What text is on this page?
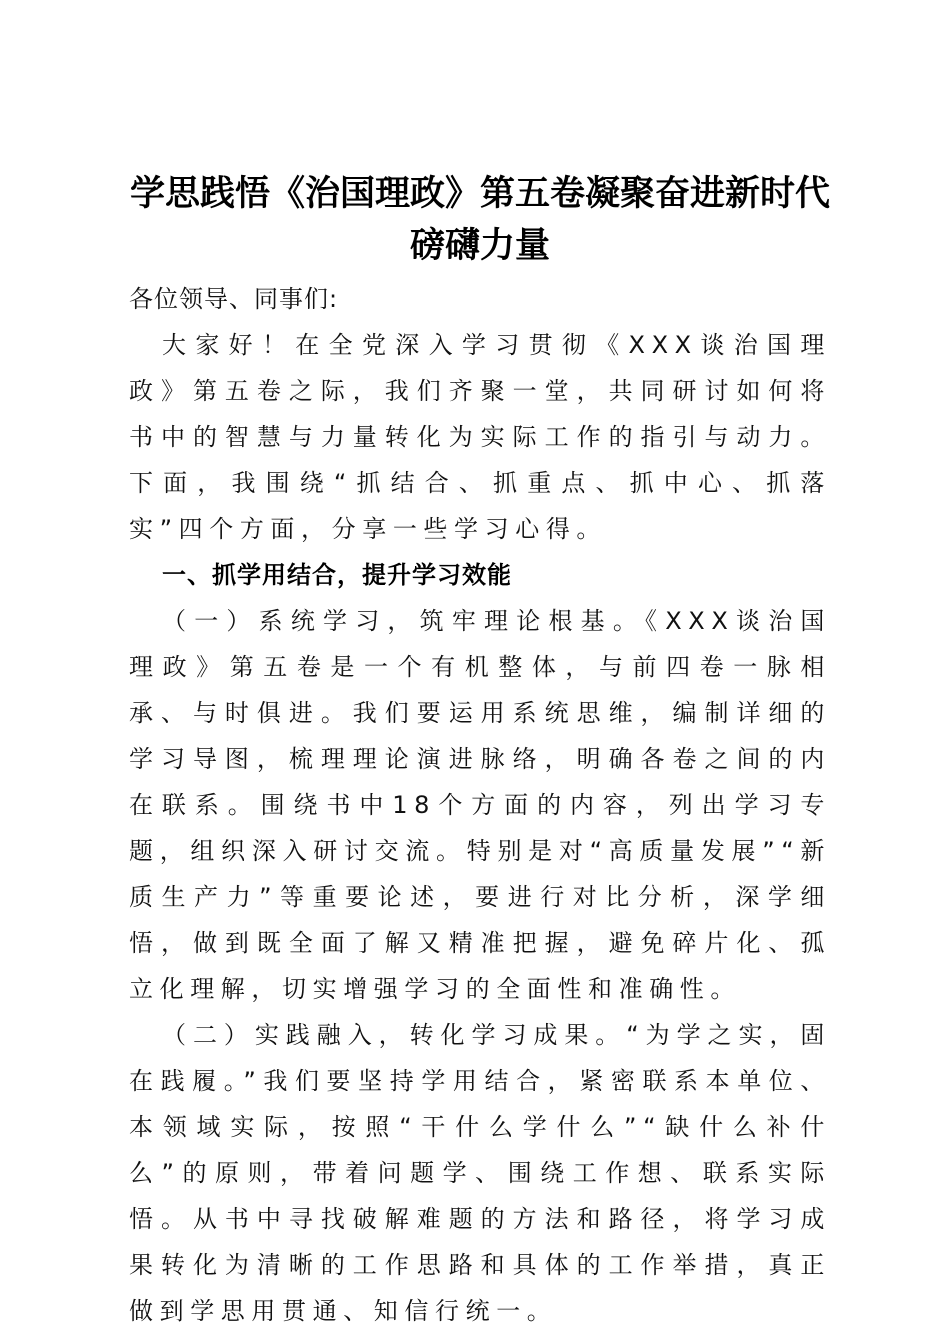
学思践悟《治国理政》第五卷凝聚奋进新时代
磅礴力量

各位领导、同事们:

大家好！在全党深入学习贯彻《XXX谈治国理政》第五卷之际，我们齐聚一堂，共同研讨如何将书中的智慧与力量转化为实际工作的指引与动力。下面，我围绕“抓结合、抓重点、抓中心、抓落实”四个方面，分享一些学习心得。

一、抓学用结合，提升学习效能

（一）系统学习，筑牢理论根基。《XXX谈治国理政》第五卷是一个有机整体，与前四卷一脉相承、与时俱进。我们要运用系统思维，编制详细的学习导图，梳理理论演进脉络，明确各卷之间的内在联系。围绕书中18个方面的内容，列出学习专题，组织深入研讨交流。特别是对“高质量发展”“新质生产力”等重要论述，要进行对比分析，深学细悟，做到既全面了解又精准把握，避免碎片化、孤立化理解，切实增强学习的全面性和准确性。

（二）实践融入，转化学习成果。“为学之实，固在践履。”我们要坚持学用结合，紧密联系本单位、本领域实际，按照“干什么学什么”“缺什么补什么”的原则，带着问题学、围绕工作想、联系实际悟。从书中寻找破解难题的方法和路径，将学习成果转化为清晰的工作思路和具体的工作举措，真正做到学思用贯通、知信行统一。
